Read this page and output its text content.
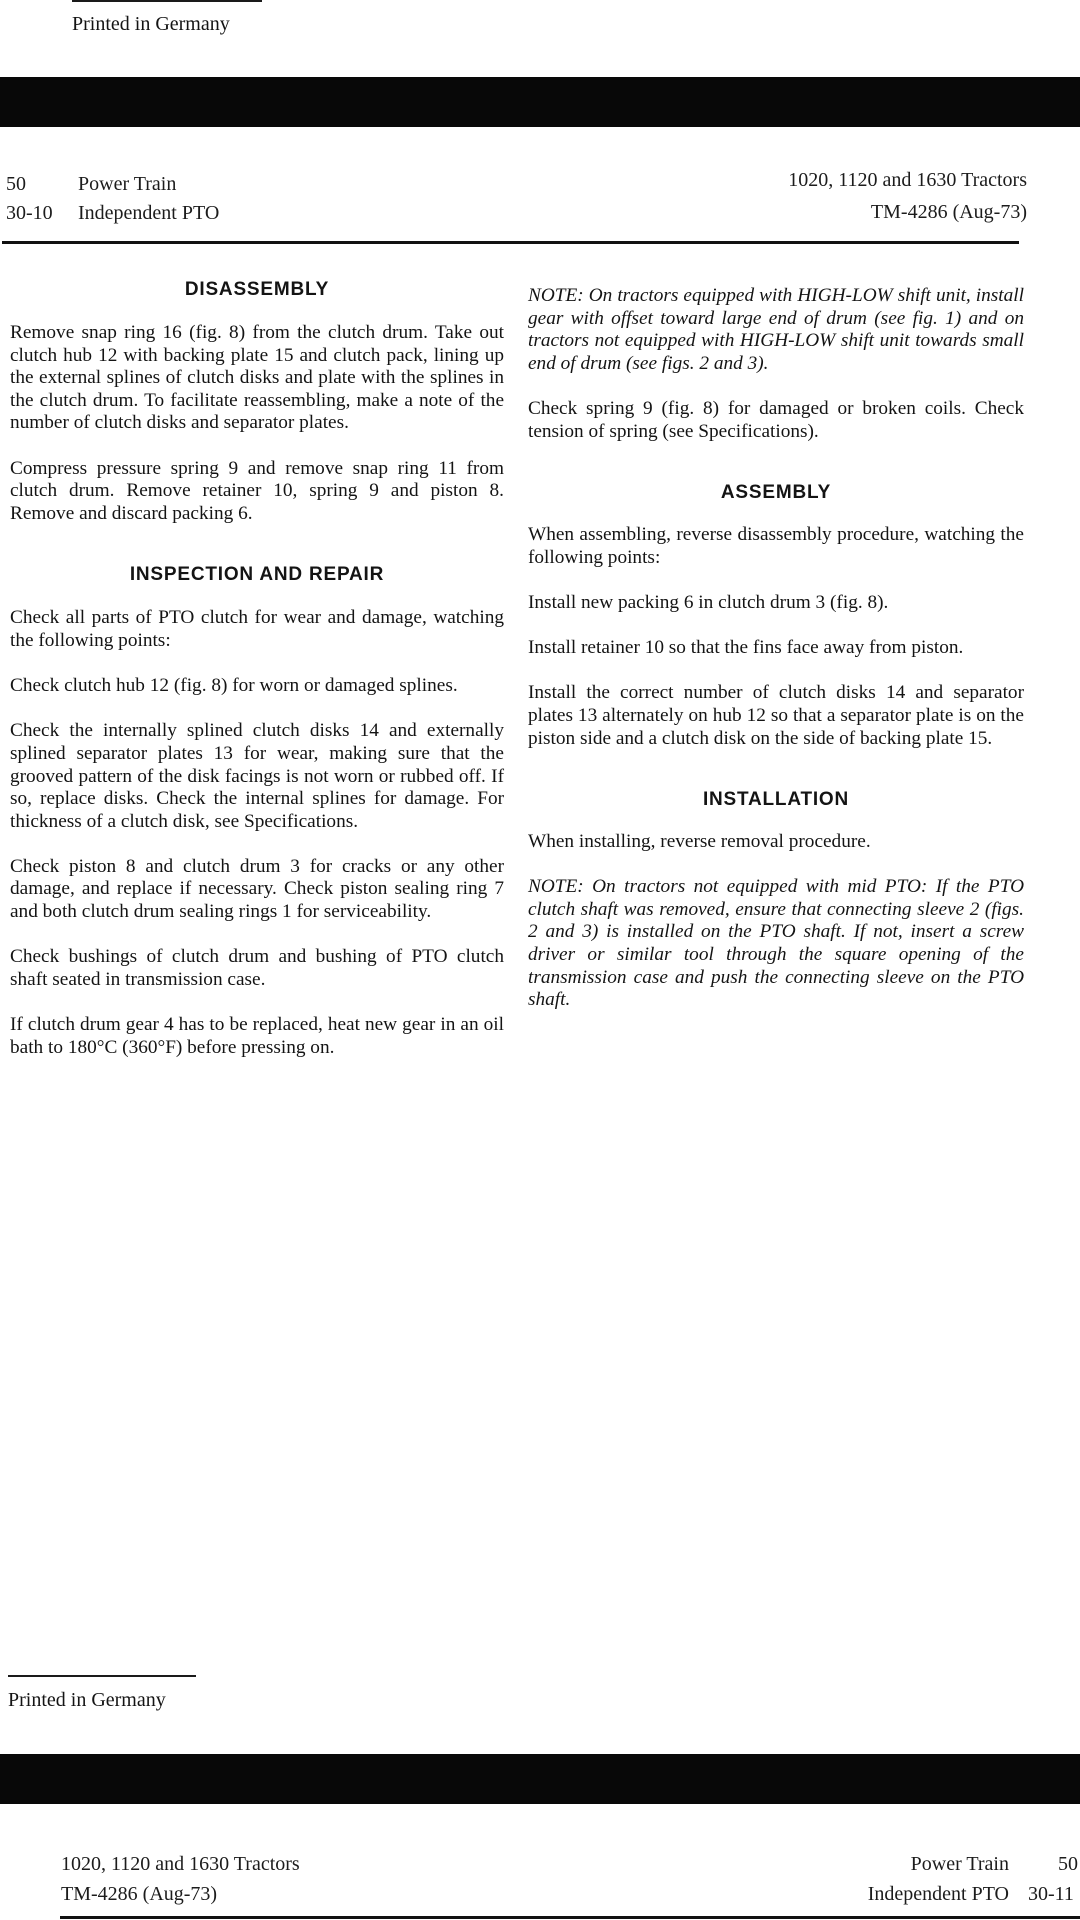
Printed in Germany
50	Power Train
30-10 Independent PTO
1020, 1120 and 1630 Tractors
TM-4286 (Aug-73)
DISASSEMBLY

Remove snap ring 16 (fig. 8) from the clutch drum. Take out clutch hub 12 with backing plate 15 and clutch pack, lining up the external splines of clutch disks and plate with the splines in the clutch drum. To facilitate reassembling, make a note of the number of clutch disks and separator plates.

Compress pressure spring 9 and remove snap ring 11 from clutch drum. Remove retainer 10, spring 9 and piston 8. Remove and discard packing 6.

INSPECTION AND REPAIR

Check all parts of PTO clutch for wear and damage, watching the following points:

Check clutch hub 12 (fig. 8) for worn or damaged splines.

Check the internally splined clutch disks 14 and externally splined separator plates 13 for wear, making sure that the grooved pattern of the disk facings is not worn or rubbed off. If so, replace disks. Check the internal splines for damage. For thickness of a clutch disk, see Specifications.

Check piston 8 and clutch drum 3 for cracks or any other damage, and replace if necessary. Check piston sealing ring 7 and both clutch drum sealing rings 1 for serviceability.

Check bushings of clutch drum and bushing of PTO clutch shaft seated in transmission case.

If clutch drum gear 4 has to be replaced, heat new gear in an oil bath to 180°C (360°F) before pressing on.

NOTE: On tractors equipped with HIGH-LOW shift unit, install gear with offset toward large end of drum (see fig. 1) and on tractors not equipped with HIGH-LOW shift unit towards small end of drum (see figs. 2 and 3).

Check spring 9 (fig. 8) for damaged or broken coils. Check tension of spring (see Specifications).

ASSEMBLY

When assembling, reverse disassembly procedure, watching the following points:

Install new packing 6 in clutch drum 3 (fig. 8).

Install retainer 10 so that the fins face away from piston.

Install the correct number of clutch disks 14 and separator plates 13 alternately on hub 12 so that a separator plate is on the piston side and a clutch disk on the side of backing plate 15.

INSTALLATION

When installing, reverse removal procedure.

NOTE: On tractors not equipped with mid PTO: If the PTO clutch shaft was removed, ensure that connecting sleeve 2 (figs. 2 and 3) is installed on the PTO shaft. If not, insert a screw driver or similar tool through the square opening of the transmission case and push the connecting sleeve on the PTO shaft.

Printed in Germany
1020, 1120 and 1630 Tractors
TM-4286 (Aug-73)
Power Train 50
Independent PTO 30-11
